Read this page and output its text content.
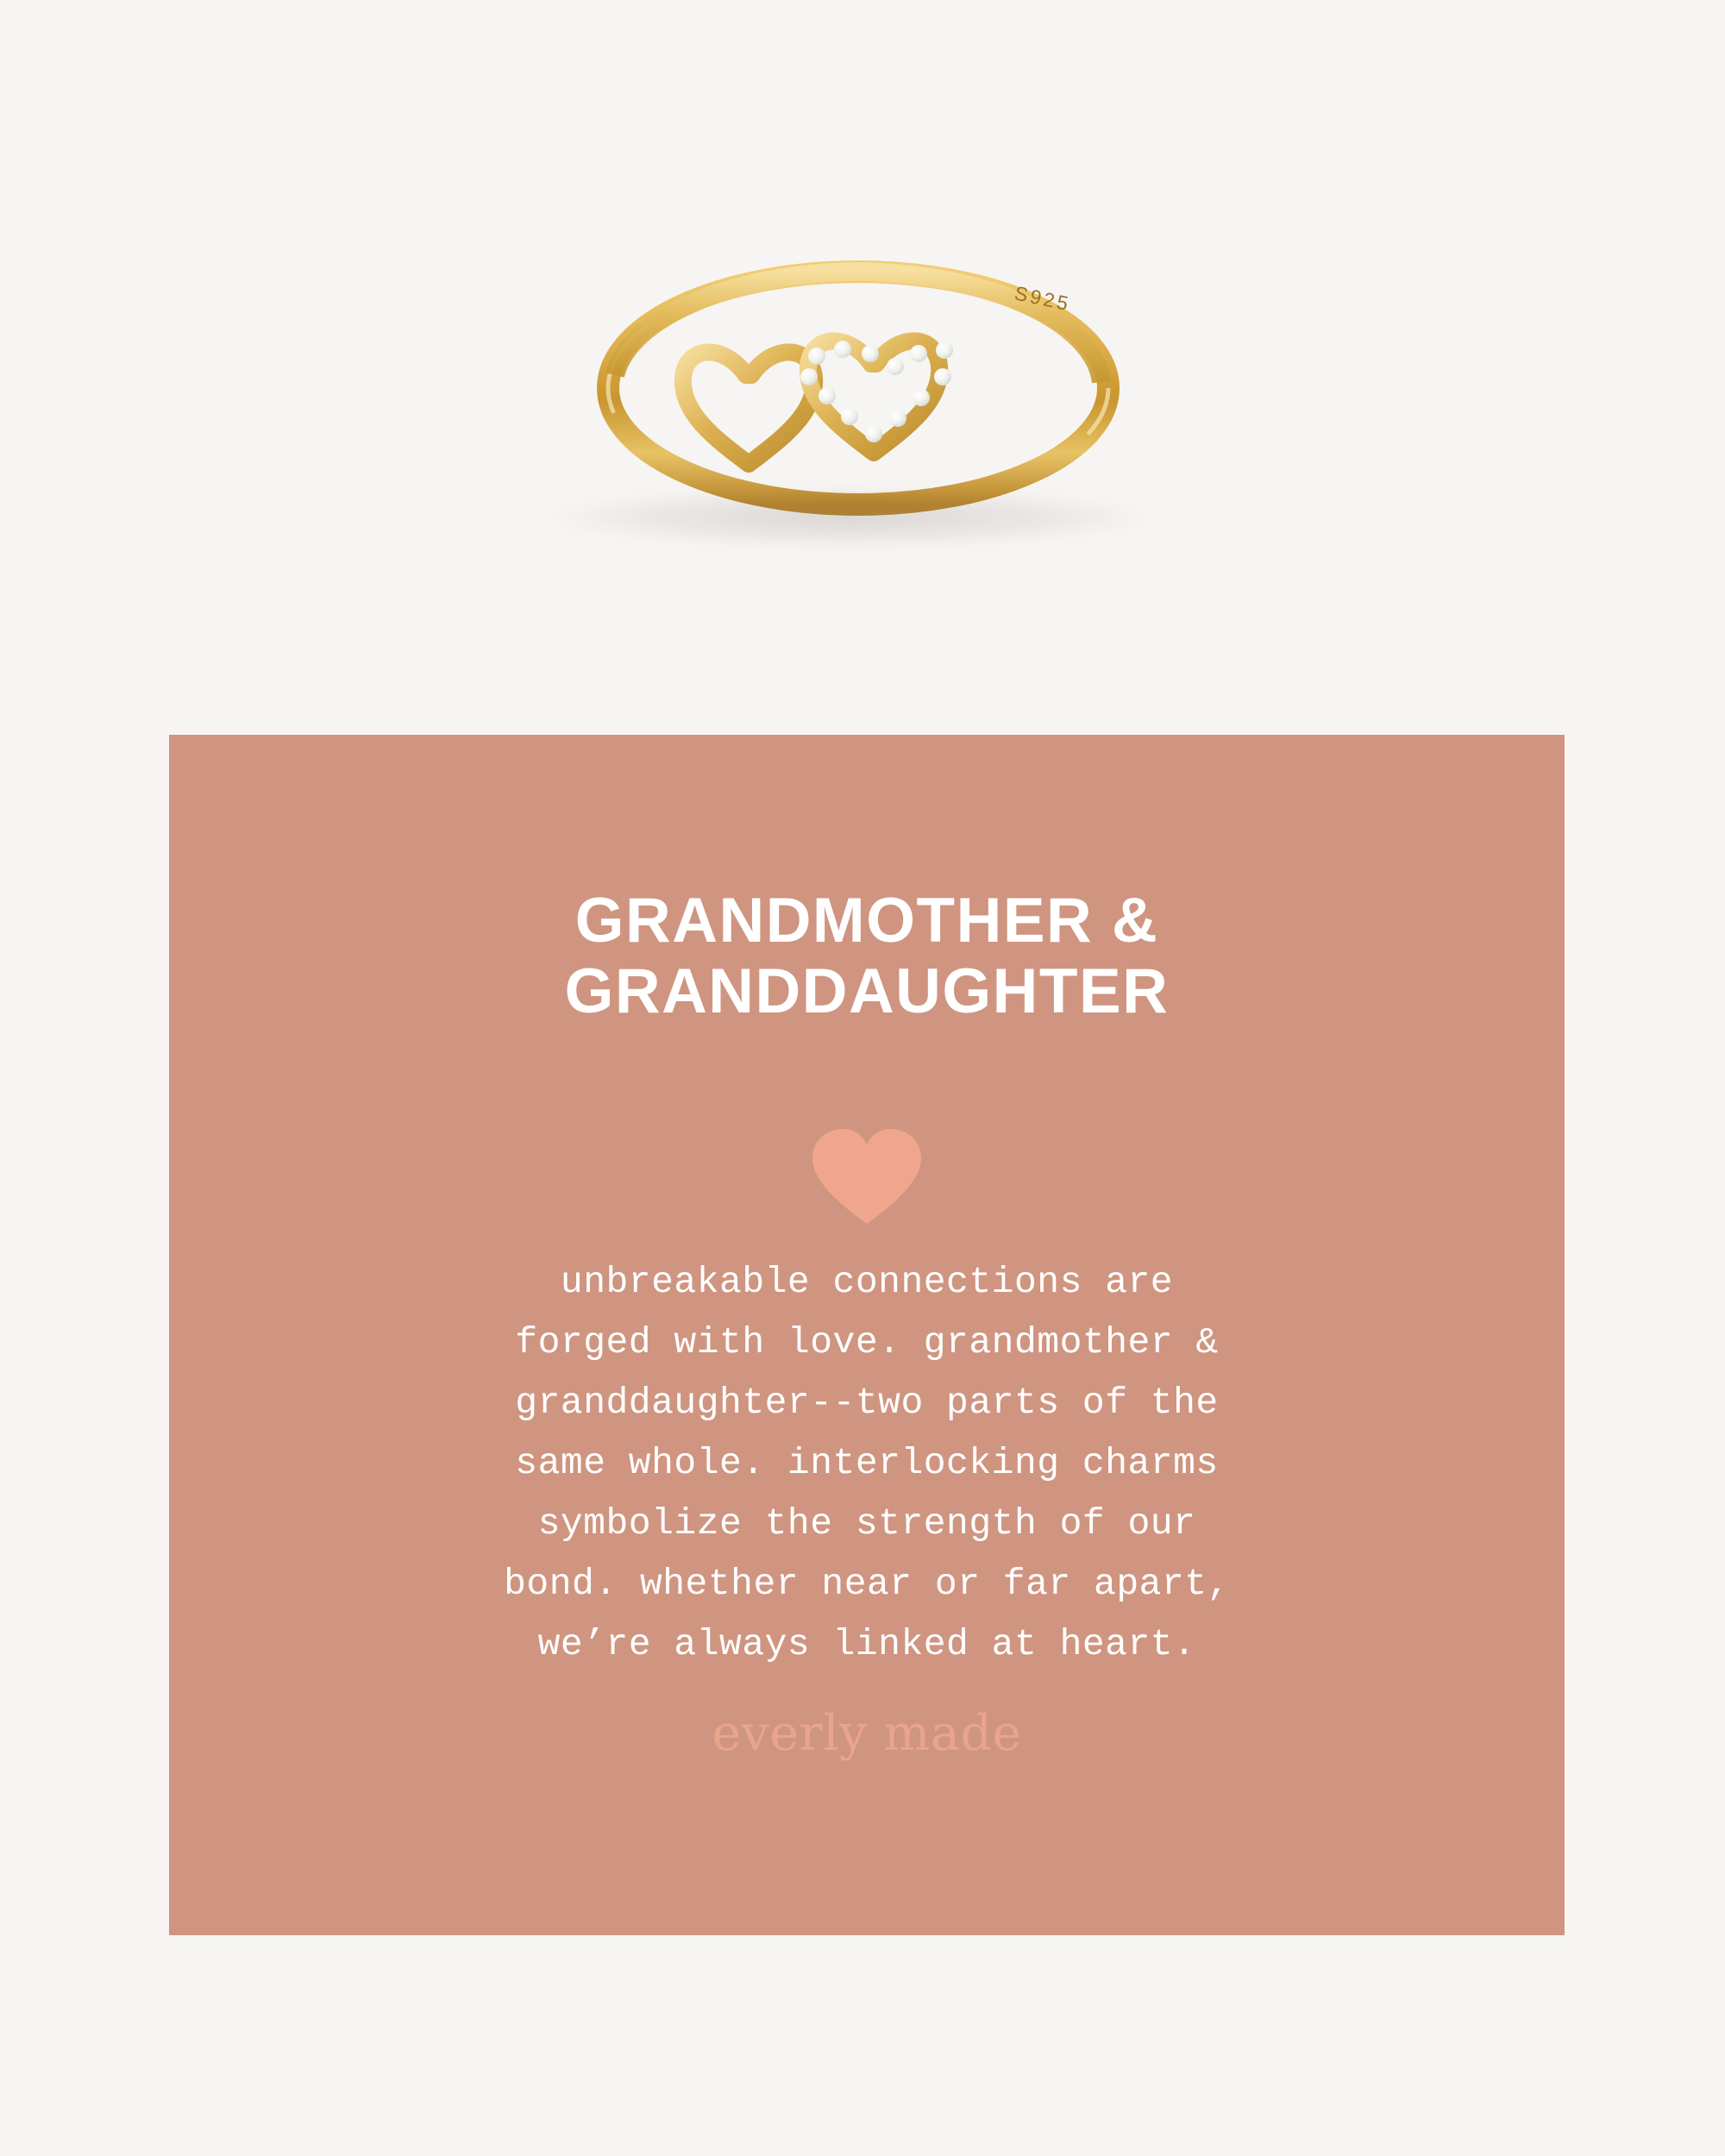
S925
GRANDMOTHER &
GRANDDAUGHTER
unbreakable connections are
forged with love. grandmother &
granddaughter--two parts of the
same whole. interlocking charms
symbolize the strength of our
bond. whether near or far apart,
we’re always linked at heart.
everly made
